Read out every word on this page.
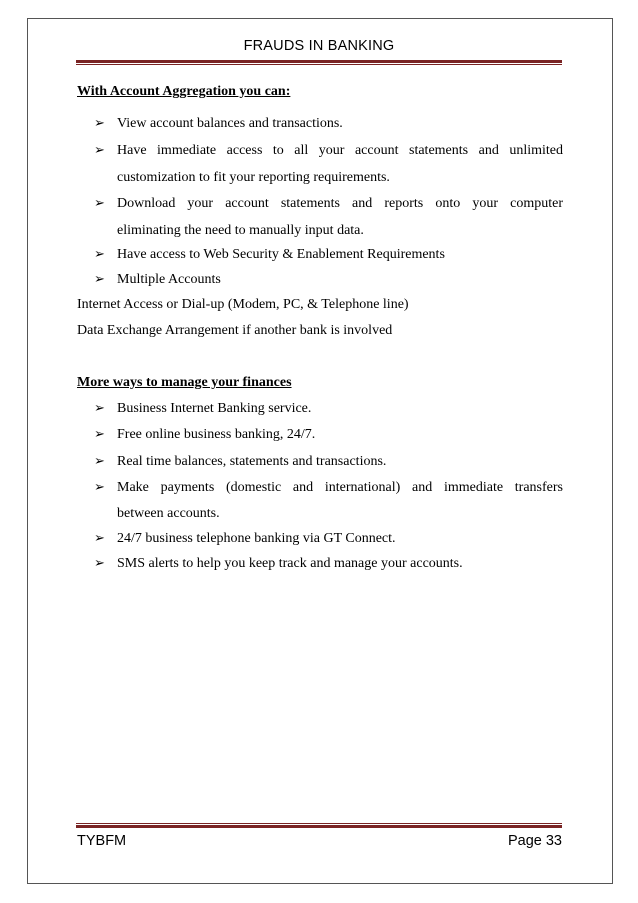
FRAUDS IN BANKING
With Account Aggregation you can:
➢ View account balances and transactions.
➢ Have immediate access to all your account statements and unlimited
customization to fit your reporting requirements.
➢ Download your account statements and reports onto your computer
eliminating the need to manually input data.
➢ Have access to Web Security & Enablement Requirements
➢ Multiple Accounts
Internet Access or Dial-up (Modem, PC, & Telephone line)
Data Exchange Arrangement if another bank is involved
More ways to manage your finances
➢ Business Internet Banking service.
➢ Free online business banking, 24/7.
➢ Real time balances, statements and transactions.
➢ Make payments (domestic and international) and immediate transfers
between accounts.
➢ 24/7 business telephone banking via GT Connect.
➢ SMS alerts to help you keep track and manage your accounts.
TYBFM	Page 33
